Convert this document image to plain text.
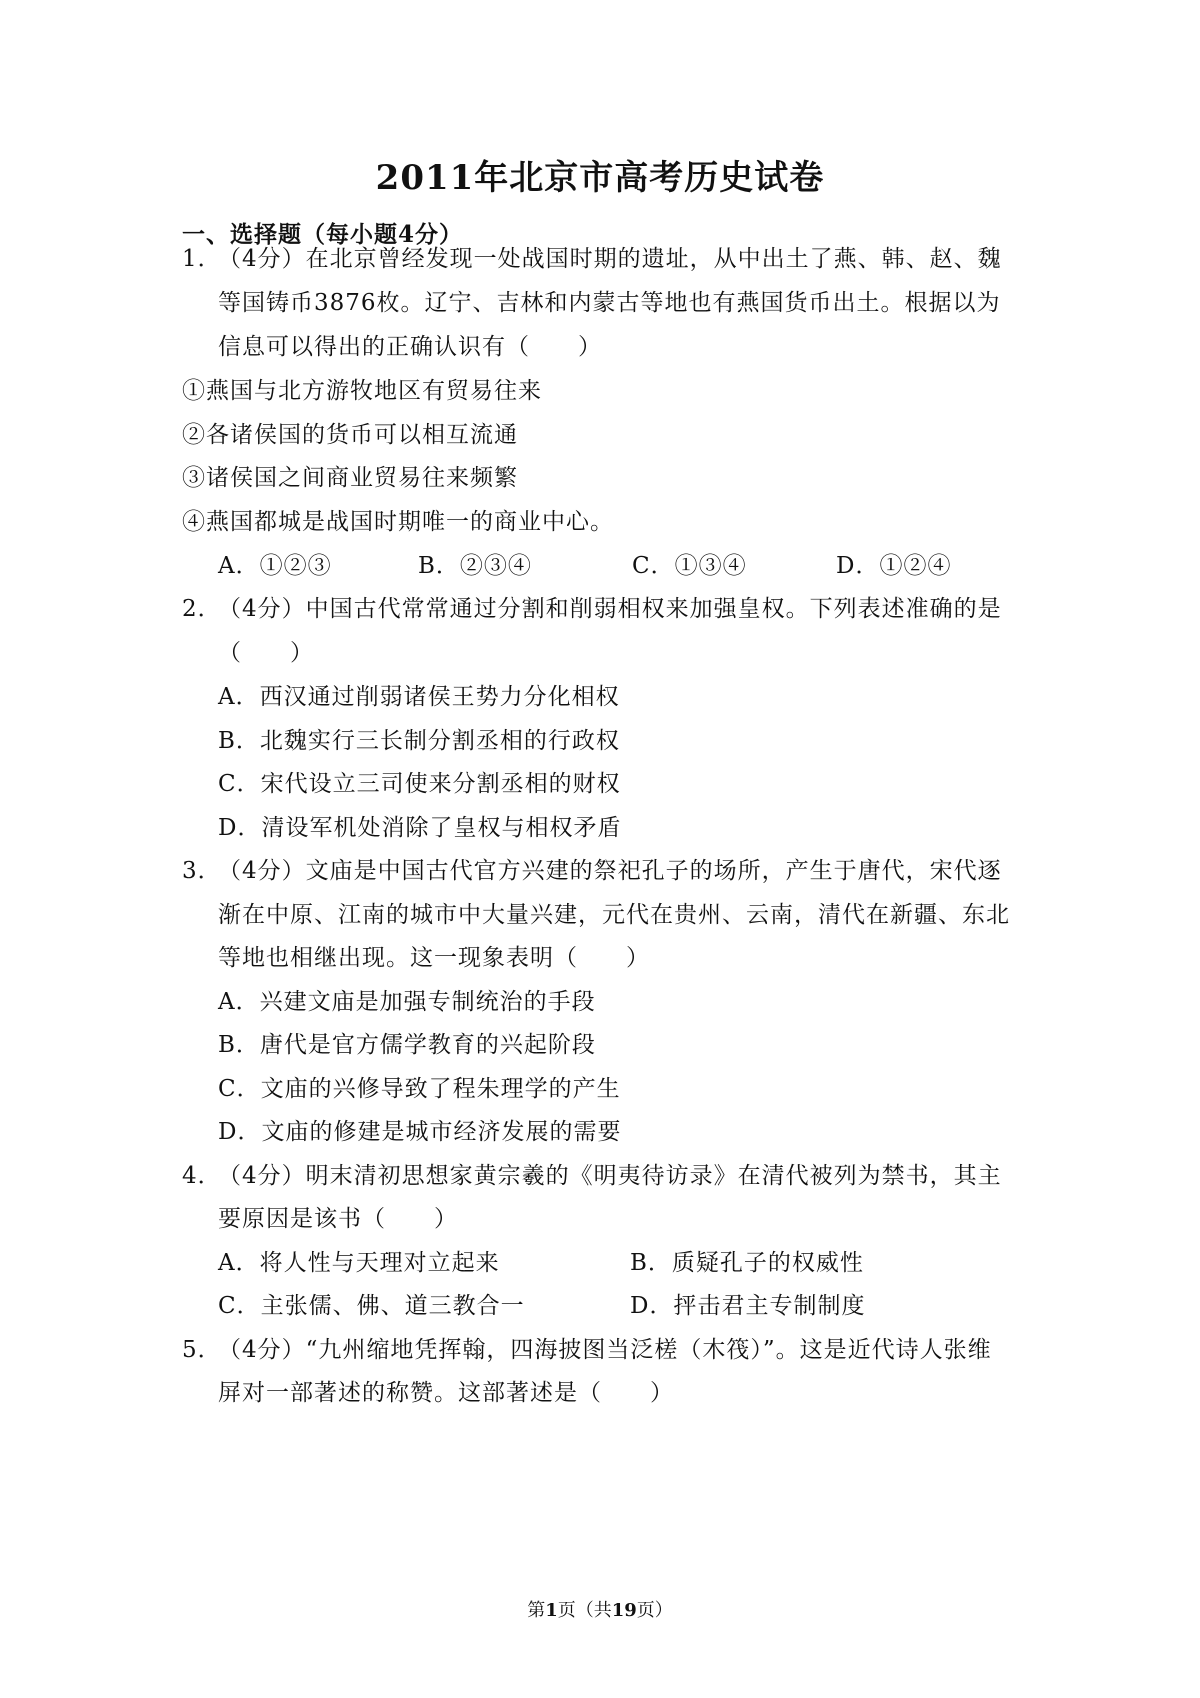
2011年北京市高考历史试卷
一、选择题（每小题4分）
1．（4分）在北京曾经发现一处战国时期的遗址，从中出土了燕、韩、赵、魏
等国铸币3876枚。辽宁、吉林和内蒙古等地也有燕国货币出土。根据以为
信息可以得出的正确认识有（　　）
①燕国与北方游牧地区有贸易往来
②各诸侯国的货币可以相互流通
③诸侯国之间商业贸易往来频繁
④燕国都城是战国时期唯一的商业中心。
A．①②③	B．②③④	C．①③④	D．①②④
2．（4分）中国古代常常通过分割和削弱相权来加强皇权。下列表述准确的是
（　　）
A．西汉通过削弱诸侯王势力分化相权
B．北魏实行三长制分割丞相的行政权
C．宋代设立三司使来分割丞相的财权
D．清设军机处消除了皇权与相权矛盾
3．（4分）文庙是中国古代官方兴建的祭祀孔子的场所，产生于唐代，宋代逐
渐在中原、江南的城市中大量兴建，元代在贵州、云南，清代在新疆、东北
等地也相继出现。这一现象表明（　　）
A．兴建文庙是加强专制统治的手段
B．唐代是官方儒学教育的兴起阶段
C．文庙的兴修导致了程朱理学的产生
D．文庙的修建是城市经济发展的需要
4．（4分）明末清初思想家黄宗羲的《明夷待访录》在清代被列为禁书，其主
要原因是该书（　　）
A．将人性与天理对立起来	B．质疑孔子的权威性
C．主张儒、佛、道三教合一	D．抨击君主专制制度
5．（4分）“九州缩地凭挥翰，四海披图当泛槎（木筏）”。这是近代诗人张维
屏对一部著述的称赞。这部著述是（　　）
第1页（共19页）
